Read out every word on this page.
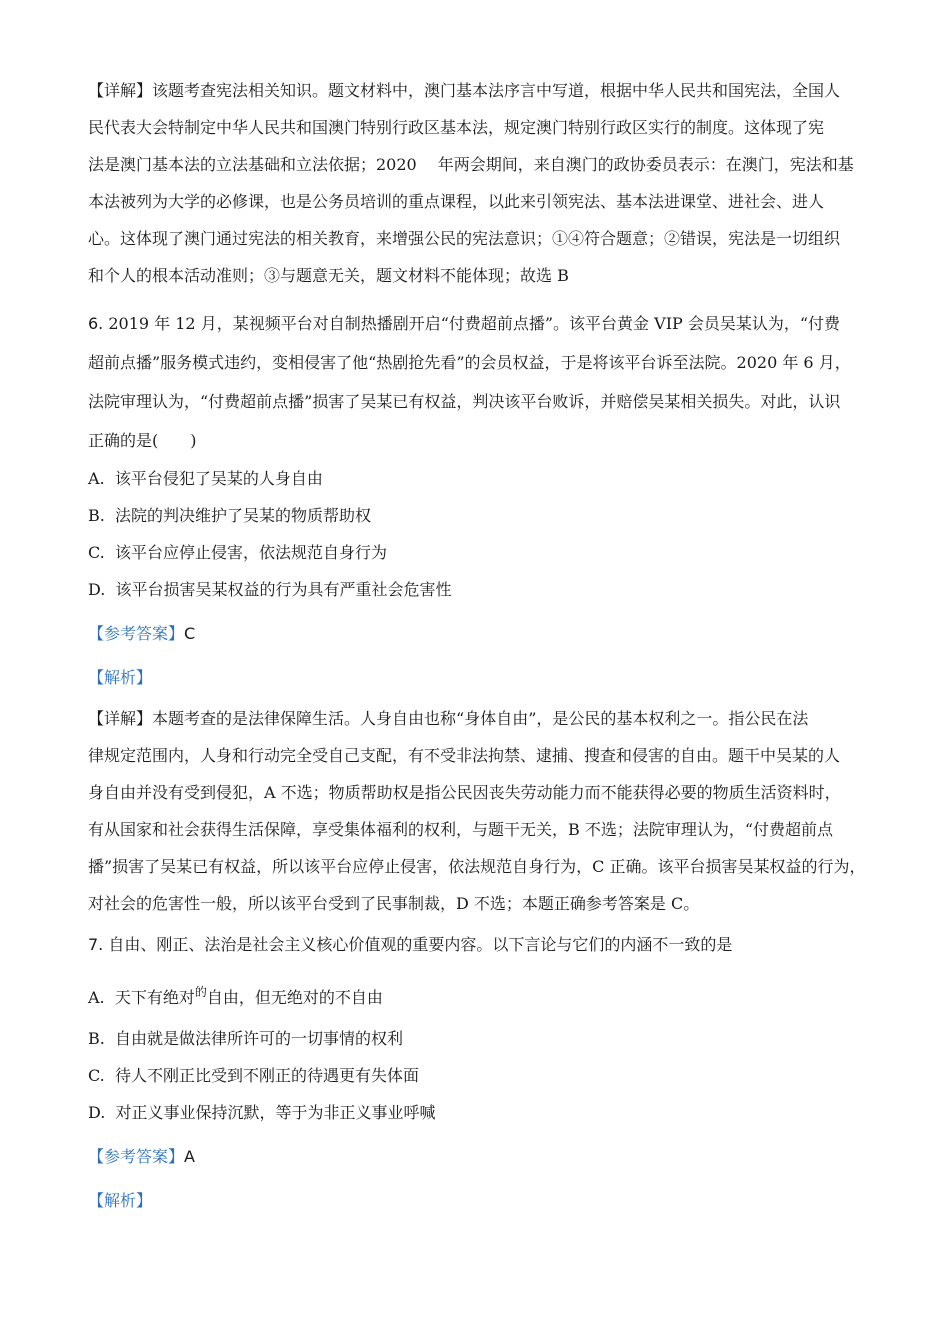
【详解】该题考查宪法相关知识。题文材料中，澳门基本法序言中写道，根据中华人民共和国宪法，全国人

民代表大会特制定中华人民共和国澳门特别行政区基本法，规定澳门特别行政区实行的制度。这体现了宪

法是澳门基本法的立法基础和立法依据；2020　 年两会期间，来自澳门的政协委员表示：在澳门，宪法和基

本法被列为大学的必修课，也是公务员培训的重点课程，以此来引领宪法、基本法进课堂、进社会、进人

心。这体现了澳门通过宪法的相关教育，来增强公民的宪法意识；①④符合题意；②错误，宪法是一切组织

和个人的根本活动准则；③与题意无关，题文材料不能体现；故选 B

6. 2019 年 12 月，某视频平台对自制热播剧开启“付费超前点播”。该平台黄金 VIP 会员吴某认为，“付费

超前点播”服务模式违约，变相侵害了他“热剧抢先看”的会员权益，于是将该平台诉至法院。2020 年 6 月，

法院审理认为，“付费超前点播”损害了吴某已有权益，判决该平台败诉，并赔偿吴某相关损失。对此，认识

正确的是(　　)

A. 该平台侵犯了吴某的人身自由

B. 法院的判决维护了吴某的物质帮助权

C. 该平台应停止侵害，依法规范自身行为

D. 该平台损害吴某权益的行为具有严重社会危害性

【参考答案】C

【解析】

【详解】本题考查的是法律保障生活。人身自由也称“身体自由”，是公民的基本权利之一。指公民在法

律规定范围内，人身和行动完全受自己支配，有不受非法拘禁、逮捕、搜查和侵害的自由。题干中吴某的人

身自由并没有受到侵犯，A 不选；物质帮助权是指公民因丧失劳动能力而不能获得必要的物质生活资料时，

有从国家和社会获得生活保障，享受集体福利的权利，与题干无关，B 不选；法院审理认为，“付费超前点

播”损害了吴某已有权益，所以该平台应停止侵害，依法规范自身行为，C 正确。该平台损害吴某权益的行为，

对社会的危害性一般，所以该平台受到了民事制裁，D 不选；本题正确参考答案是 C。

7. 自由、刚正、法治是社会主义核心价值观的重要内容。以下言论与它们的内涵不一致的是

A. 天下有绝对$^的$自由，但无绝对的不自由

B. 自由就是做法律所许可的一切事情的权利

C. 待人不刚正比受到不刚正的待遇更有失体面

D. 对正义事业保持沉默，等于为非正义事业呼喊

【参考答案】A

【解析】
